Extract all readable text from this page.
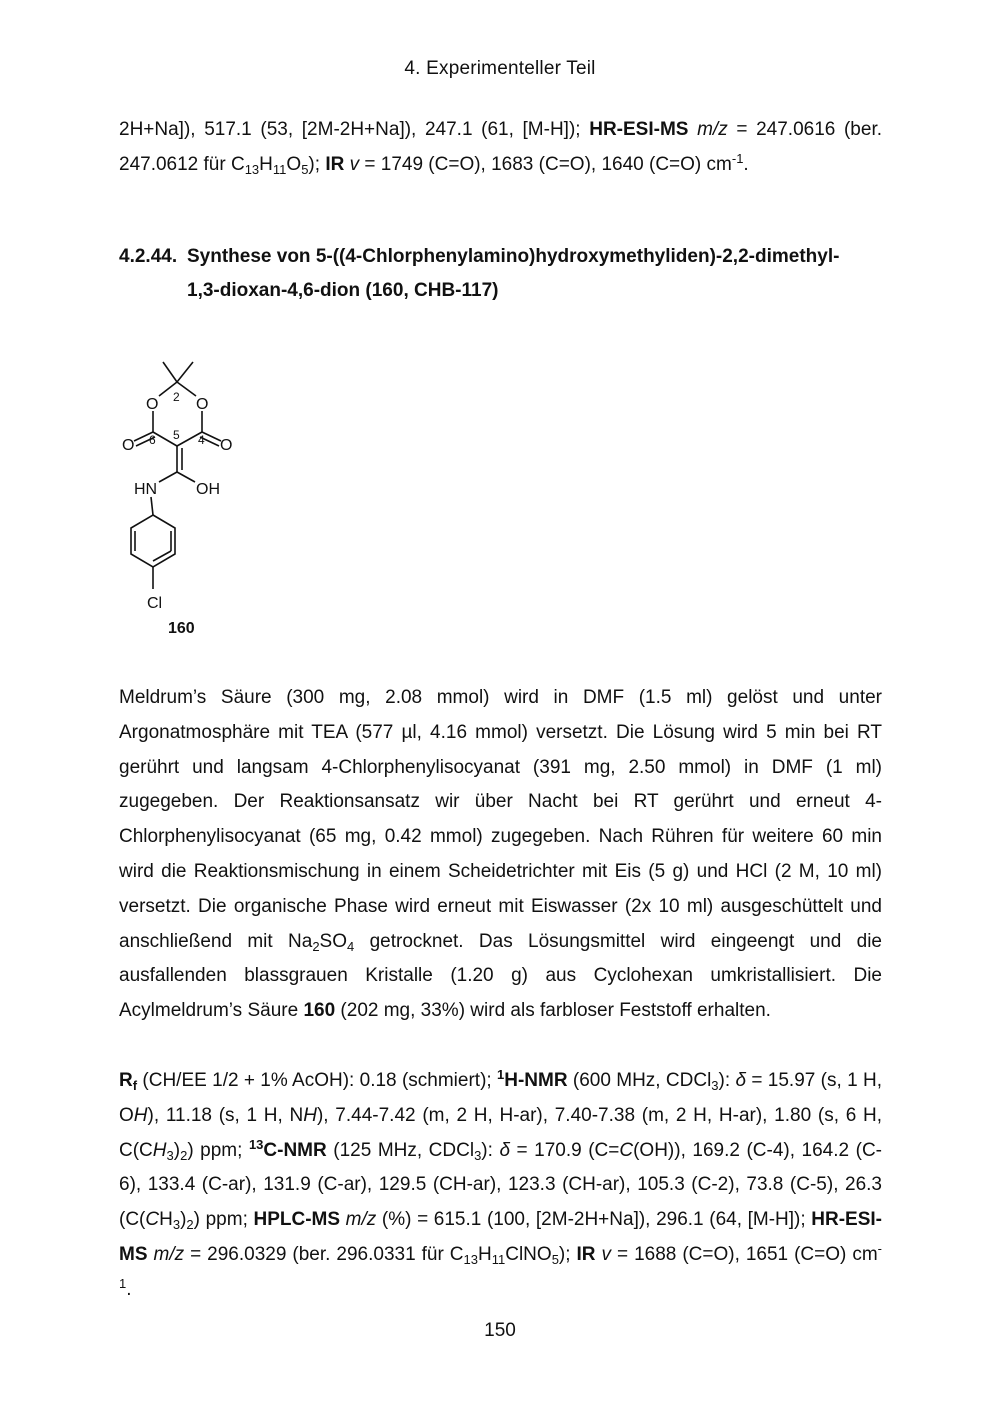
4. Experimenteller Teil

2H+Na]), 517.1 (53, [2M-2H+Na]), 247.1 (61, [M-H]); HR-ESI-MS m/z = 247.0616 (ber. 247.0612 für $C_{13}H_{11}O_5$); IR v = 1749 (C=O), 1683 (C=O), 1640 (C=O) $cm^{-1}$.

4.2.44. Synthese von 5-((4-Chlorphenylamino)hydroxymethyliden)-2,2-dimethyl-
1,3-dioxan-4,6-dion (160, CHB-117)
O O
O	O
2
4
5
6
HN OH
Cl
160

Meldrum’s Säure (300 mg, 2.08 mmol) wird in DMF (1.5 ml) gelöst und unter Argonatmosphäre mit TEA (577 µl, 4.16 mmol) versetzt. Die Lösung wird 5 min bei RT gerührt und langsam 4-Chlorphenylisocyanat (391 mg, 2.50 mmol) in DMF (1 ml) zugegeben. Der Reaktionsansatz wir über Nacht bei RT gerührt und erneut 4-Chlorphenylisocyanat (65 mg, 0.42 mmol) zugegeben. Nach Rühren für weitere 60 min wird die Reaktionsmischung in einem Scheidetrichter mit Eis (5 g) und HCl (2 M, 10 ml) versetzt. Die organische Phase wird erneut mit Eiswasser (2x 10 ml) ausgeschüttelt und anschließend mit $Na_2SO_4$ getrocknet. Das Lösungsmittel wird eingeengt und die ausfallenden blassgrauen Kristalle (1.20 g) aus Cyclohexan umkristallisiert. Die Acylmeldrum’s Säure 160 (202 mg, 33%) wird als farbloser Feststoff erhalten.

$R_f$ (CH/EE 1/2 + 1% AcOH): 0.18 (schmiert); $^1$H-NMR (600 MHz, CDCl$_3$): δ = 15.97 (s, 1 H, OH), 11.18 (s, 1 H, NH), 7.44-7.42 (m, 2 H, H-ar), 7.40-7.38 (m, 2 H, H-ar), 1.80 (s, 6 H, $C(CH_3)_2$) ppm; $^{13}$C-NMR (125 MHz, CDCl$_3$): δ = 170.9 (C=C(OH)), 169.2 (C-4), 164.2 (C-6), 133.4 (C-ar), 131.9 (C-ar), 129.5 (CH-ar), 123.3 (CH-ar), 105.3 (C-2), 73.8 (C-5), 26.3 $(C(CH_3)_2)$ ppm; HPLC-MS m/z (%) = 615.1 (100, [2M-2H+Na]), 296.1 (64, [M-H]); HR-ESI-MS m/z = 296.0329 (ber. 296.0331 für $C_{13}H_{11}ClNO_5$); IR v = 1688 (C=O), 1651 (C=O) $cm^{-1}$.

150
